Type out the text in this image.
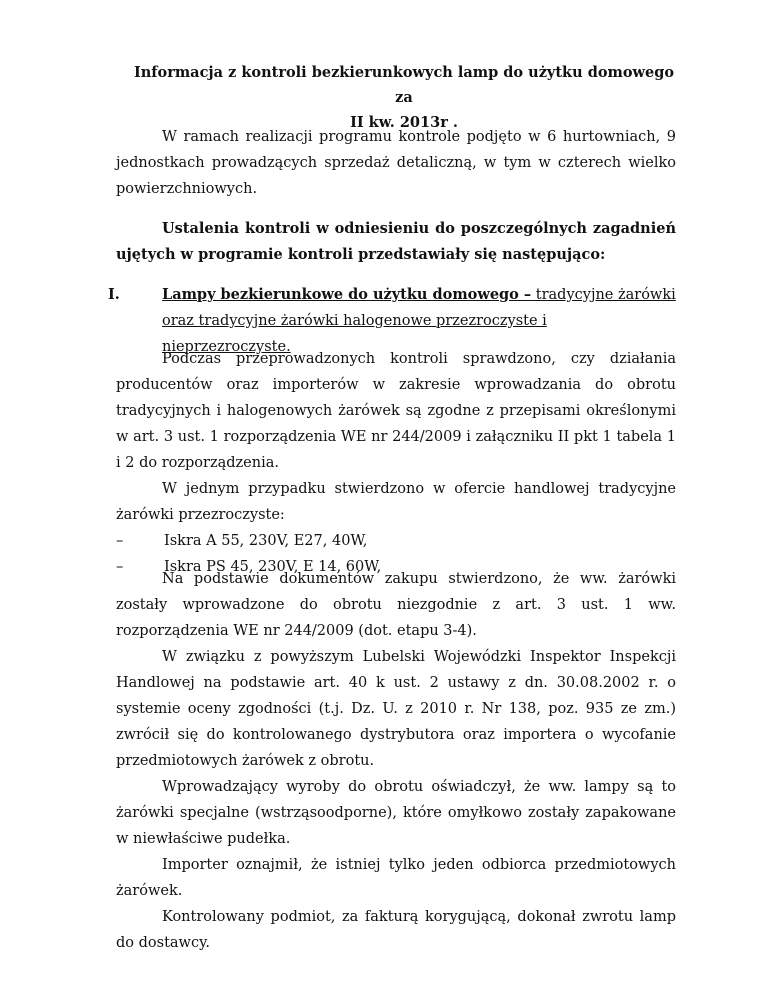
Informacja z kontroli bezkierunkowych lamp do użytku domowego za
II kw. 2013r .

W ramach realizacji programu kontrole podjęto w 6 hurtowniach, 9 jednostkach prowadzących sprzedaż detaliczną, w tym w czterech wielko powierzchniowych.

Ustalenia kontroli w odniesieniu do poszczególnych zagadnień ujętych w programie kontroli przedstawiały się następująco:

I.	Lampy bezkierunkowe do użytku domowego – tradycyjne żarówki oraz tradycyjne żarówki halogenowe przezroczyste i nieprzezroczyste.

Podczas przeprowadzonych kontroli sprawdzono, czy działania producentów oraz importerów w zakresie wprowadzania do obrotu tradycyjnych i halogenowych żarówek są zgodne z przepisami określonymi w art. 3 ust. 1 rozporządzenia WE nr 244/2009 i załączniku II pkt 1 tabela 1 i 2 do rozporządzenia.

W jednym przypadku stwierdzono w ofercie handlowej tradycyjne żarówki przezroczyste:

–	Iskra A 55, 230V, E27, 40W,
–	Iskra PS 45, 230V, E 14, 60W,

Na podstawie dokumentów zakupu stwierdzono, że ww. żarówki zostały wprowadzone do obrotu niezgodnie z art. 3 ust. 1 ww. rozporządzenia WE nr 244/2009 (dot. etapu 3-4).

W związku z powyższym Lubelski Wojewódzki Inspektor Inspekcji Handlowej na podstawie art. 40 k ust. 2 ustawy z dn. 30.08.2002 r. o systemie oceny zgodności (t.j. Dz. U. z 2010 r. Nr 138, poz. 935 ze zm.) zwrócił się do kontrolowanego dystrybutora oraz importera o wycofanie przedmiotowych żarówek z obrotu.

Wprowadzający wyroby do obrotu oświadczył, że ww. lampy są to żarówki specjalne (wstrząsoodporne), które omyłkowo zostały zapakowane w niewłaściwe pudełka.

Importer oznajmił, że istniej tylko jeden odbiorca przedmiotowych żarówek.

Kontrolowany podmiot, za fakturą korygującą, dokonał zwrotu lamp do dostawcy.
